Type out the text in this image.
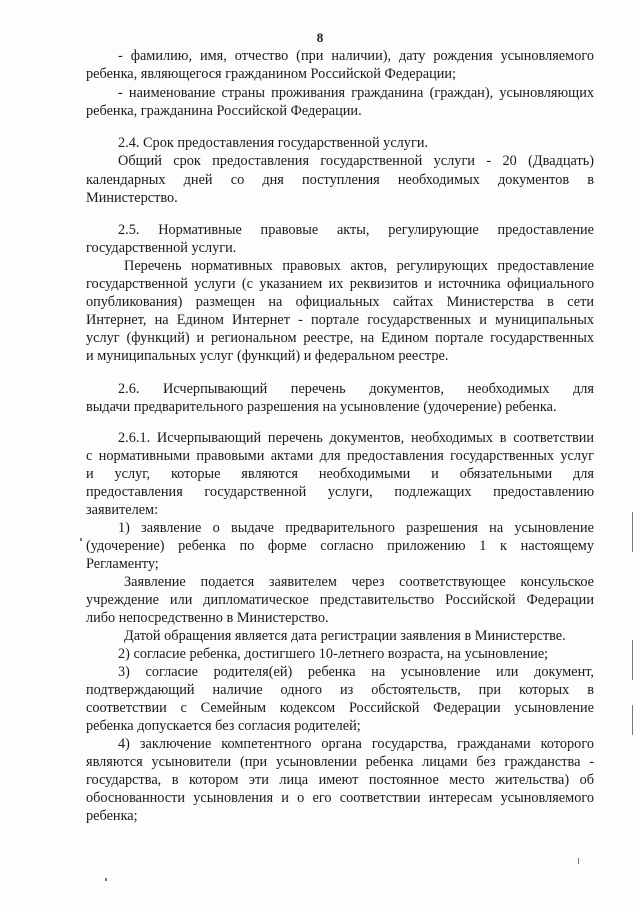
8
- фамилию, имя, отчество (при наличии), дату рождения усыновляемого
ребенка, являющегося гражданином Российской Федерации;
- наименование страны проживания гражданина (граждан), усыновляющих
ребенка, гражданина Российской Федерации.
2.4. Срок предоставления государственной услуги.
Общий срок предоставления государственной услуги - 20 (Двадцать)
календарных дней со дня поступления необходимых документов в
Министерство.
2.5. Нормативные правовые акты, регулирующие предоставление
государственной услуги.
Перечень нормативных правовых актов, регулирующих предоставление
государственной услуги (с указанием их реквизитов и источника официального
опубликования) размещен на официальных сайтах Министерства в сети
Интернет, на Едином Интернет - портале государственных и муниципальных
услуг (функций) и региональном реестре, на Едином портале государственных
и муниципальных услуг (функций) и федеральном реестре.
2.6. Исчерпывающий перечень документов, необходимых для
выдачи предварительного разрешения на усыновление (удочерение) ребенка.
2.6.1. Исчерпывающий перечень документов, необходимых в соответствии
с нормативными правовыми актами для предоставления государственных услуг
и услуг, которые являются необходимыми и обязательными для
предоставления государственной услуги, подлежащих предоставлению
заявителем:
1) заявление о выдаче предварительного разрешения на усыновление
(удочерение) ребенка по форме согласно приложению 1 к настоящему
Регламенту;
Заявление подается заявителем через соответствующее консульское
учреждение или дипломатическое представительство Российской Федерации
либо непосредственно в Министерство.
Датой обращения является дата регистрации заявления в Министерстве.
2) согласие ребенка, достигшего 10-летнего возраста, на усыновление;
3) согласие родителя(ей) ребенка на усыновление или документ,
подтверждающий наличие одного из обстоятельств, при которых в
соответствии с Семейным кодексом Российской Федерации усыновление
ребенка допускается без согласия родителей;
4) заключение компетентного органа государства, гражданами которого
являются усыновители (при усыновлении ребенка лицами без гражданства -
государства, в котором эти лица имеют постоянное место жительства) об
обоснованности усыновления и о его соответствии интересам усыновляемого
ребенка;
